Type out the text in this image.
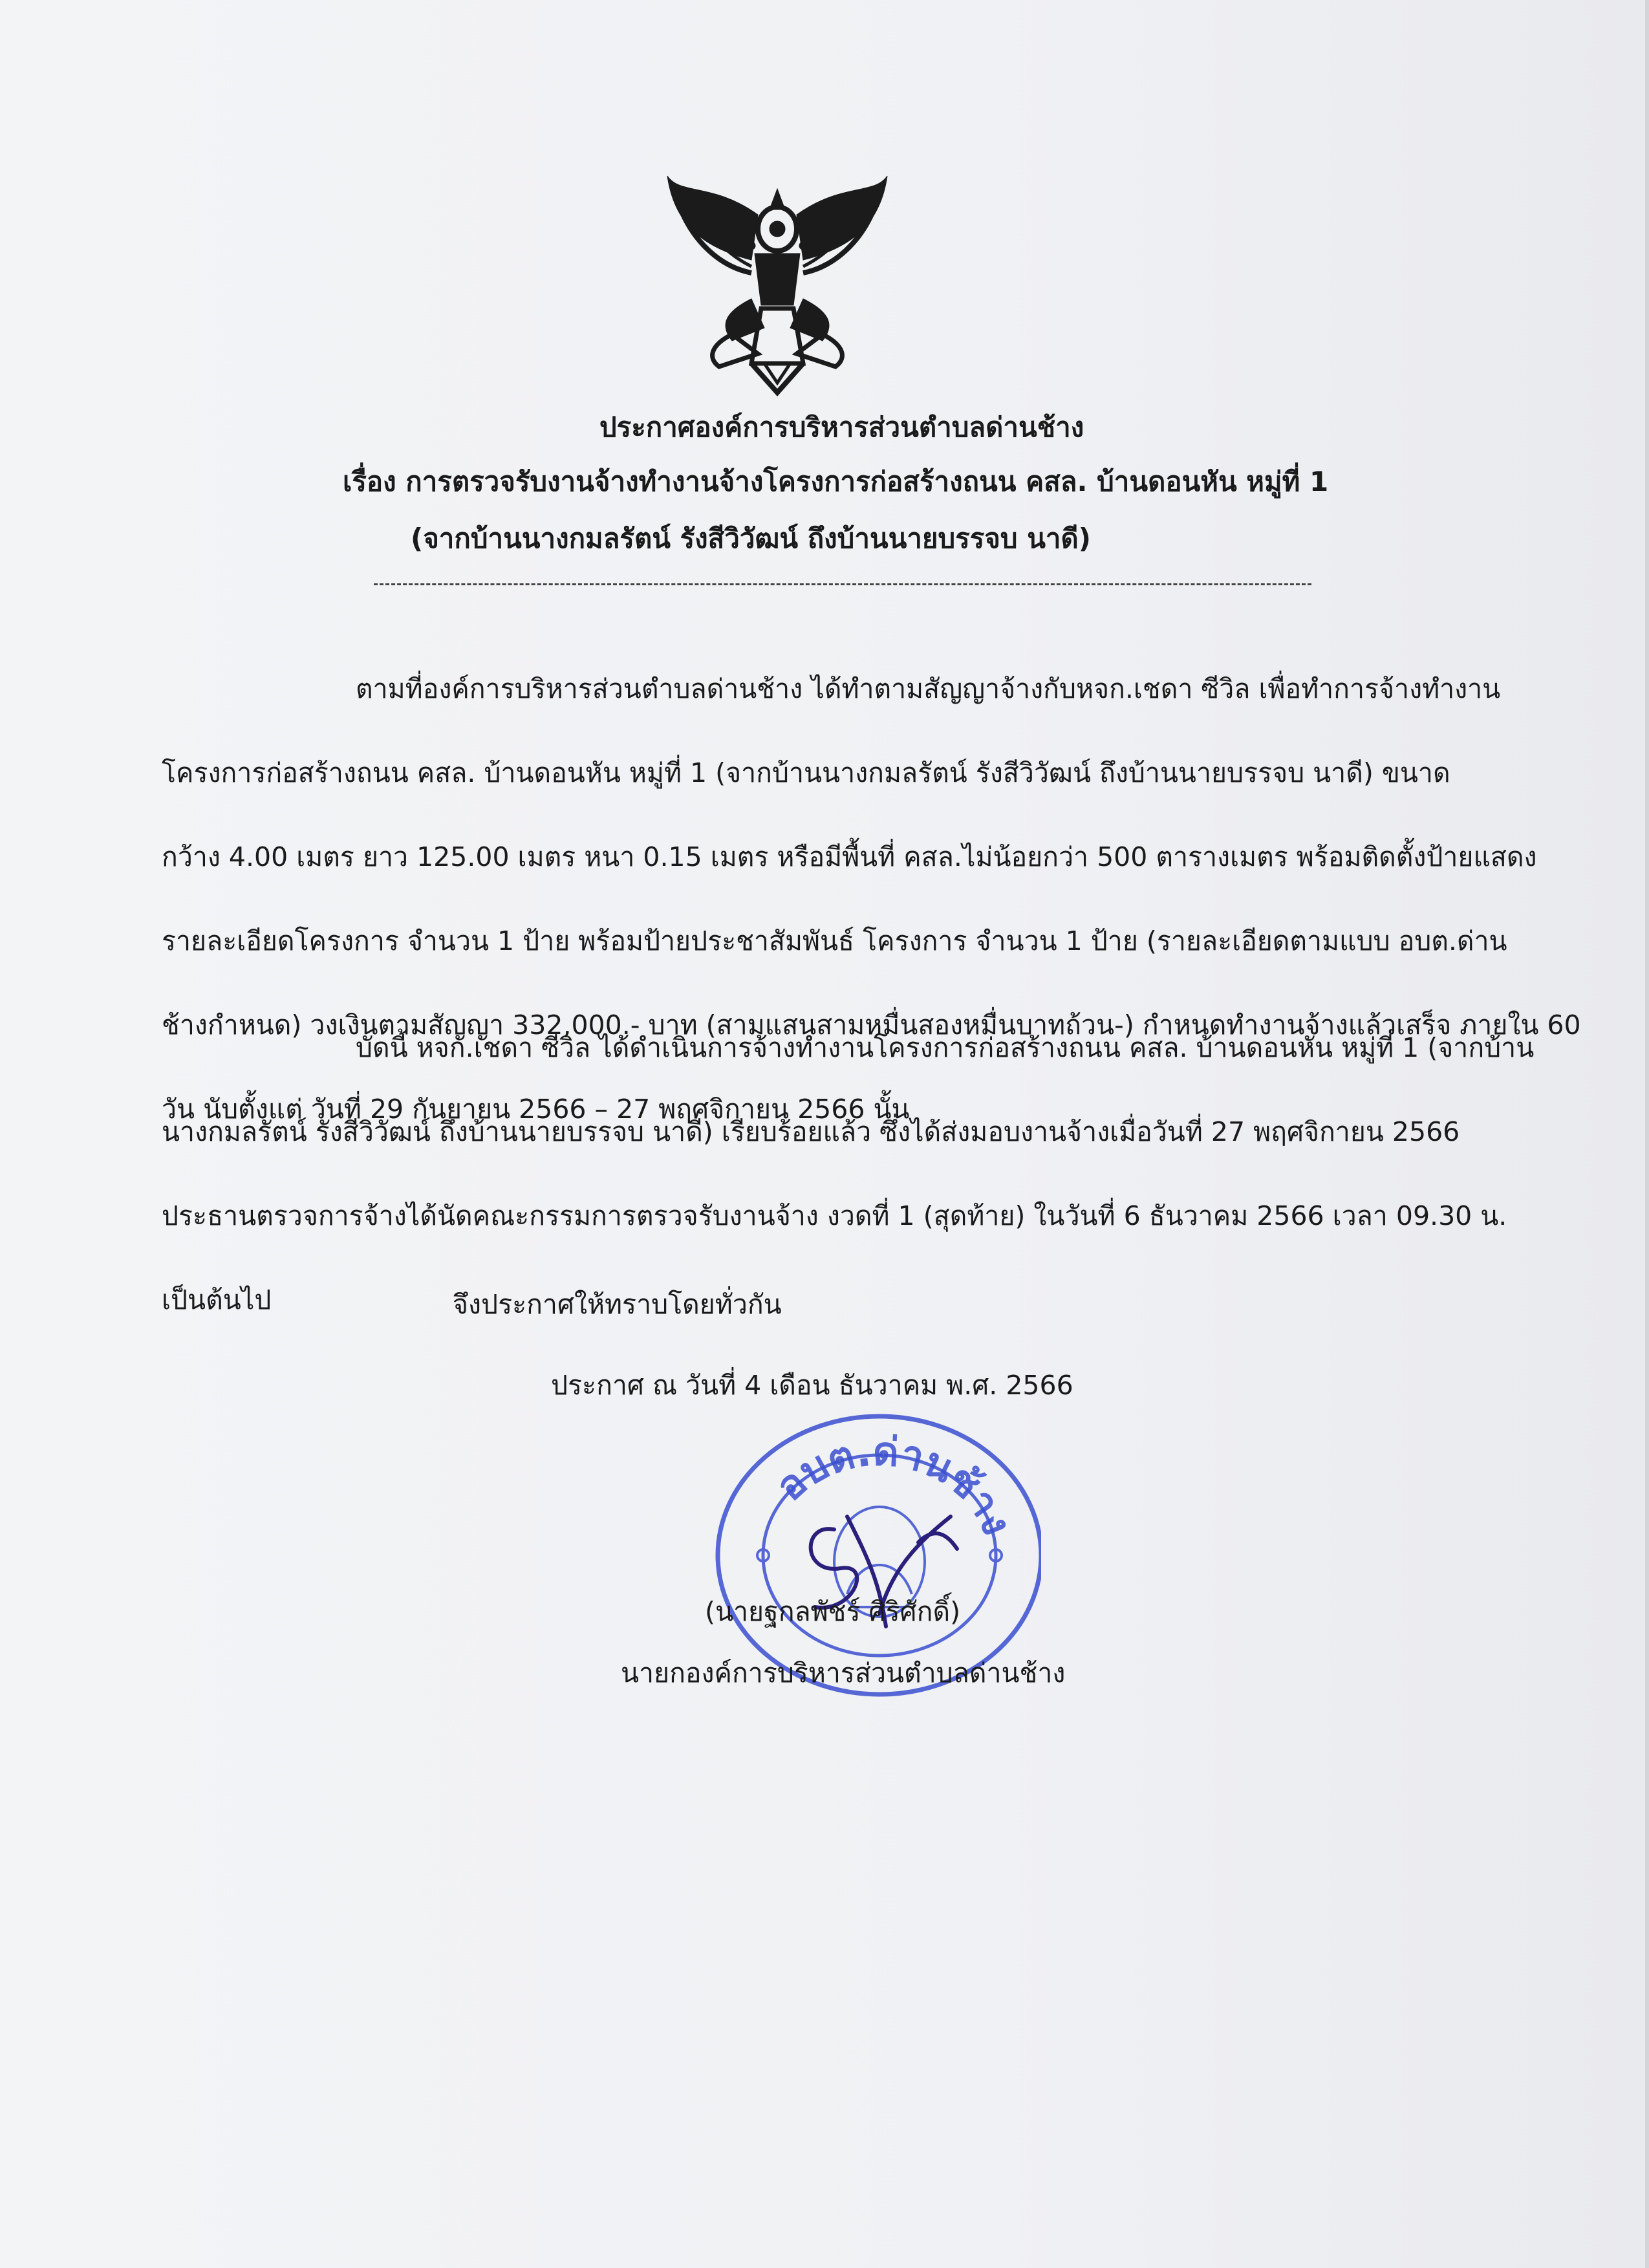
ประกาศองค์การบริหารส่วนตำบลด่านช้าง
เรื่อง การตรวจรับงานจ้างทำงานจ้างโครงการก่อสร้างถนน คสล. บ้านดอนหัน หมู่ที่ 1
(จากบ้านนางกมลรัตน์ รังสีวิวัฒน์ ถึงบ้านนายบรรจบ นาดี)
ตามที่องค์การบริหารส่วนตำบลด่านช้าง ได้ทำตามสัญญาจ้างกับหจก.เชดา ซีวิล เพื่อทำการจ้างทำงาน
โครงการก่อสร้างถนน คสล. บ้านดอนหัน หมู่ที่ 1 (จากบ้านนางกมลรัตน์ รังสีวิวัฒน์ ถึงบ้านนายบรรจบ นาดี) ขนาด
กว้าง 4.00 เมตร ยาว 125.00 เมตร หนา 0.15 เมตร หรือมีพื้นที่ คสล.ไม่น้อยกว่า 500 ตารางเมตร พร้อมติดตั้งป้ายแสดง
รายละเอียดโครงการ จำนวน 1 ป้าย พร้อมป้ายประชาสัมพันธ์ โครงการ จำนวน 1 ป้าย (รายละเอียดตามแบบ อบต.ด่าน
ช้างกำหนด) วงเงินตามสัญญา 332,000.- บาท (สามแสนสามหมื่นสองหมื่นบาทถ้วน-) กำหนดทำงานจ้างแล้วเสร็จ ภายใน 60
วัน นับตั้งแต่ วันที่ 29 กันยายน 2566 – 27 พฤศจิกายน 2566 นั้น
บัดนี้ หจก.เชดา ซีวิล ได้ดำเนินการจ้างทำงานโครงการก่อสร้างถนน คสล. บ้านดอนหัน หมู่ที่ 1 (จากบ้าน
นางกมลรัตน์ รังสีวิวัฒน์ ถึงบ้านนายบรรจบ นาดี) เรียบร้อยแล้ว ซึ่งได้ส่งมอบงานจ้างเมื่อวันที่ 27 พฤศจิกายน 2566
ประธานตรวจการจ้างได้นัดคณะกรรมการตรวจรับงานจ้าง งวดที่ 1 (สุดท้าย) ในวันที่ 6 ธันวาคม 2566 เวลา 09.30 น.
เป็นต้นไป	จึงประกาศให้ทราบโดยทั่วกัน
ประกาศ ณ วันที่ 4 เดือน ธันวาคม พ.ศ. 2566
อบต.ด่านช้าง
(นายฐกลพัชร์ ศิริศักดิ์)
นายกองค์การบริหารส่วนตำบลด่านช้าง
